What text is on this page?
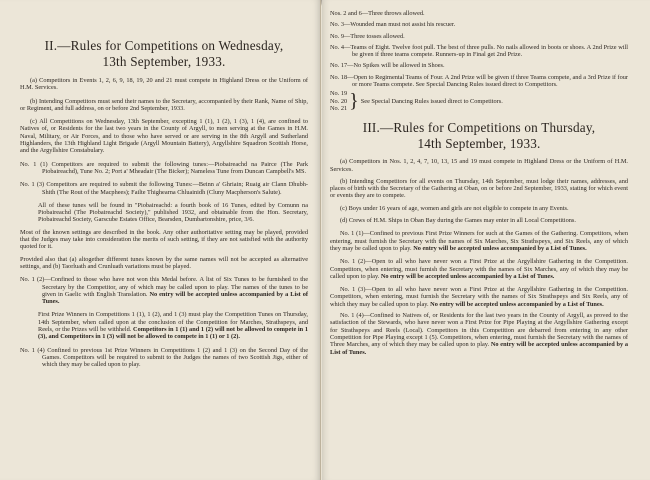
II.—Rules for Competitions on Wednesday,
13th September, 1933.

(a) Competitors in Events 1, 2, 6, 9, 18, 19, 20 and 21 must compete in Highland Dress or the Uniform of H.M. Services.

(b) Intending Competitors must send their names to the Secretary, accompanied by their Rank, Name of Ship, or Regiment, and full address, on or before 2nd September, 1933.

(c) All Competitions on Wednesday, 13th September, excepting 1 (1), 1 (2), 1 (3), 1 (4), are confined to Natives of, or Residents for the last two years in the County of Argyll, to men serving at the Games in H.M. Naval, Military, or Air Forces, and to those who have served or are serving in the 8th Argyll and Sutherland Highlanders, the 13th Highland Light Brigade (Argyll Mountain Battery), Argyllshire Squadron Scottish Horse, and the Argyllshire Constabulary.

No. 1 (1) Competitors are required to submit the following tunes:—Piobaireachd na Pairce (The Park Piobaireachd), Tune No. 2; Port a' Mheadair (The Bicker); Nameless Tune from Duncan Campbell's MS.

No. 1 (3) Competitors are required to submit the following Tunes:—Beinn a' Ghriain; Ruaig air Clann Dhubh-Shith (The Rout of the Macphees); Failte Thighearna Chluainidh (Cluny Macpherson's Salute).

All of these tunes will be found in "Piobaireachd: a fourth book of 16 Tunes, edited by Comunn na Piobaireachd (The Piobaireachd Society)," published 1932, and obtainable from the Hon. Secretary, Piobaireachd Society, Garscube Estates Office, Bearsden, Dumbartonshire, price, 3/6.

Most of the known settings are described in the book. Any other authoritative setting may be played, provided that the Judges may take into consideration the merits of such setting, if they are not satisfied with the authority quoted for it.

Provided also that (a) altogether different tunes known by the same names will not be accepted as alternative settings, and (b) Taorluath and Crunluath variations must be played.

No. 1 (2)—Confined to those who have not won this Medal before. A list of Six Tunes to be furnished to the Secretary by the Competitor, any of which may be called upon to play. The names of the tunes to be given in Gaelic with English Translation. No entry will be accepted unless accompanied by a List of Tunes.

First Prize Winners in Competitions 1 (1), 1 (2), and 1 (3) must play the Competition Tunes on Thursday, 14th September, when called upon at the conclusion of the Competition for Marches, Strathspeys, and Reels, or the Prizes will be withheld. Competitors in 1 (1) and 1 (2) will not be allowed to compete in 1 (3), and Competitors in 1 (3) will not be allowed to compete in 1 (1) or 1 (2).

No. 1 (4) Confined to previous 1st Prize Winners in Competitions 1 (2) and 1 (3) on the Second Day of the Games. Competitors will be required to submit to the Judges the names of two Scottish Jigs, either of which they may be called upon to play.

Nos. 2 and 6—Three throws allowed.

No. 3—Wounded man must not assist his rescuer.

No. 9—Three tosses allowed.

No. 4—Teams of Eight. Twelve foot pull. The best of three pulls. No nails allowed in boots or shoes. A 2nd Prize will be given if three teams compete. Runners-up in Final get 2nd Prize.

No. 17—No Spikes will be allowed in Shoes.

No. 18—Open to Regimental Teams of Four. A 2nd Prize will be given if three Teams compete, and a 3rd Prize if four or more Teams compete. See Special Dancing Rules issued direct to Competitors.

No. 19
No. 20
No. 21 } See Special Dancing Rules issued direct to Competitors.
III.—Rules for Competitions on Thursday,
14th September, 1933.

(a) Competitors in Nos. 1, 2, 4, 7, 10, 13, 15 and 19 must compete in Highland Dress or the Uniform of H.M. Services.

(b) Intending Competitors for all events on Thursday, 14th September, must lodge their names, addresses, and places of birth with the Secretary of the Gathering at Oban, on or before 2nd September, 1933, stating for which event or events they are to compete.

(c) Boys under 16 years of age, women and girls are not eligible to compete in any Events.

(d) Crews of H.M. Ships in Oban Bay during the Games may enter in all Local Competitions.

No. 1 (1)—Confined to previous First Prize Winners for such at the Games of the Gathering. Competitors, when entering, must furnish the Secretary with the names of Six Marches, Six Strathspeys, and Six Reels, any of which they may be called upon to play. No entry will be accepted unless accompanied by a List of Tunes.

No. 1 (2)—Open to all who have never won a First Prize at the Argyllshire Gathering in the Competition. Competitors, when entering, must furnish the Secretary with the names of Six Marches, any of which they may be called upon to play. No entry will be accepted unless accompanied by a List of Tunes.

No. 1 (3)—Open to all who have never won a First Prize at the Argyllshire Gathering in the Competition. Competitors, when entering, must furnish the Secretary with the names of Six Strathspeys and Six Reels, any of which they may be called upon to play. No entry will be accepted unless accompanied by a List of Tunes.

No. 1 (4)—Confined to Natives of, or Residents for the last two years in the County of Argyll, as proved to the satisfaction of the Stewards, who have never won a First Prize for Pipe Playing at the Argyllshire Gathering except for Strathspeys and Reels (Local). Competitors in this Competition are debarred from entering in any other Competition for Pipe Playing except 1 (5). Competitors, when entering, must furnish the Secretary with the names of Three Marches, any of which they may be called upon to play. No entry will be accepted unless accompanied by a List of Tunes.
